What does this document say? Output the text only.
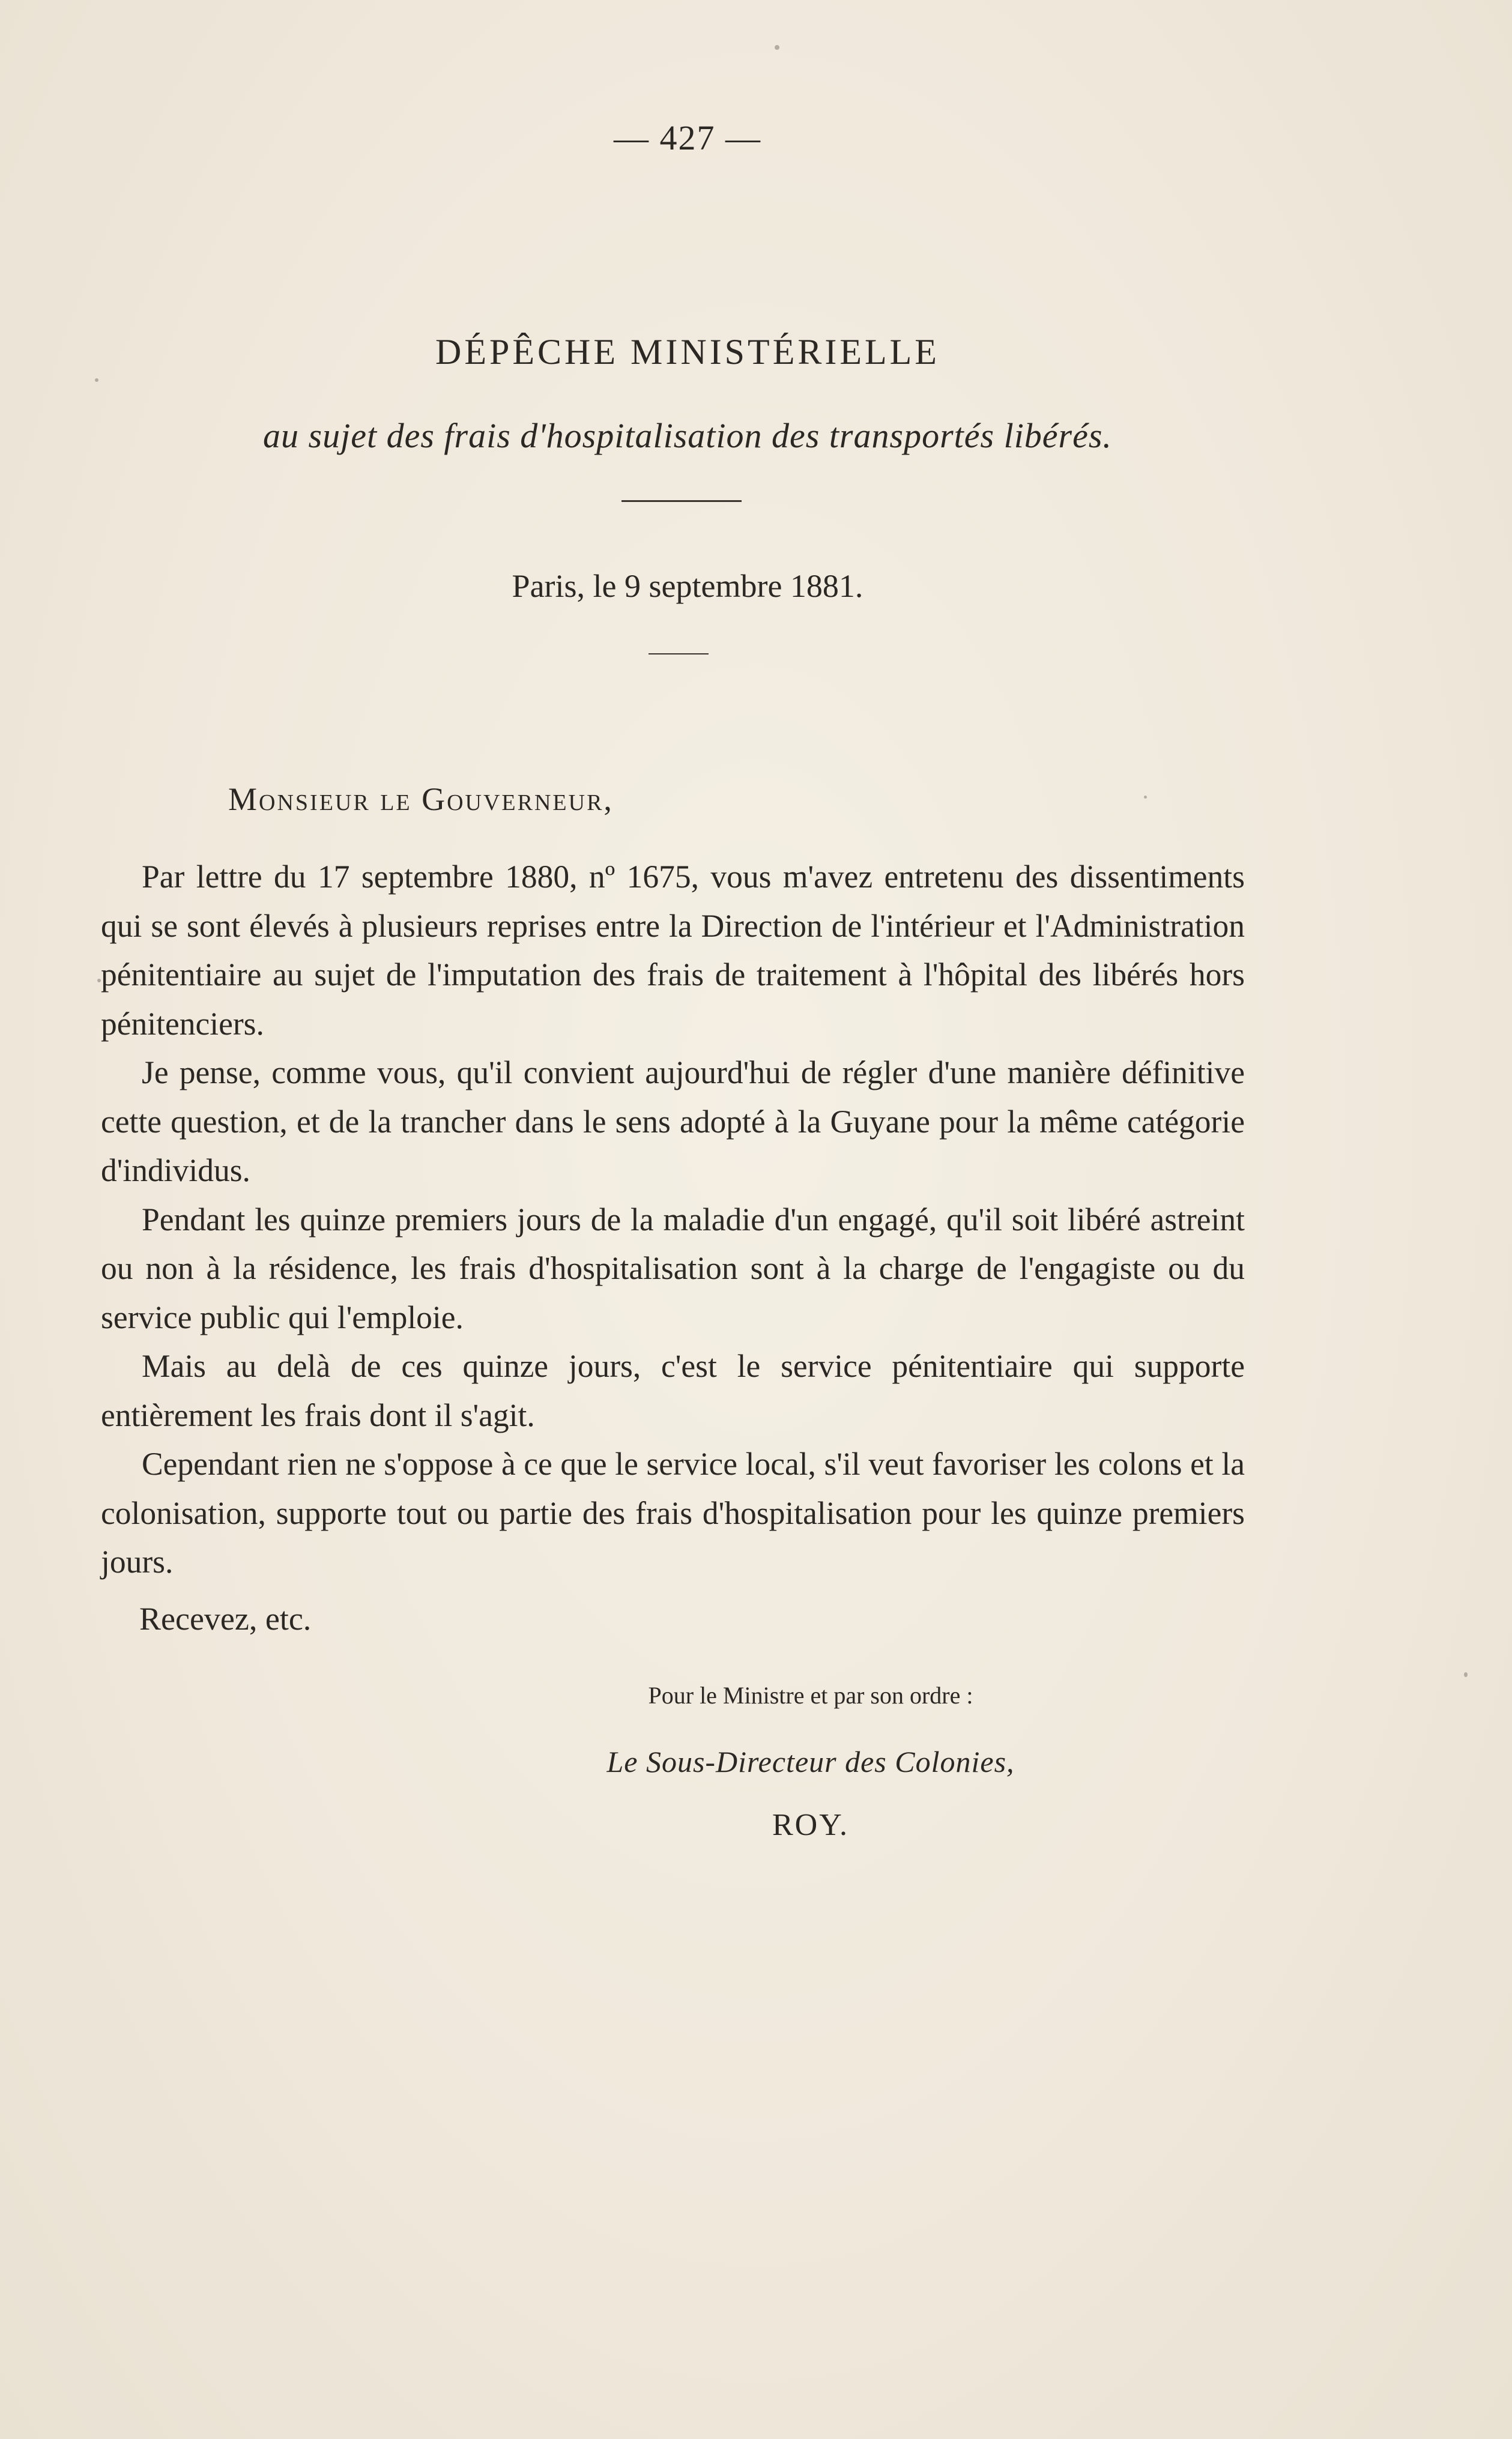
— 427 —
DÉPÊCHE MINISTÉRIELLE
au sujet des frais d'hospitalisation des transportés libérés.
Paris, le 9 septembre 1881.
Monsieur le Gouverneur,

Par lettre du 17 septembre 1880, nº 1675, vous m'avez entretenu des dissentiments qui se sont élevés à plusieurs reprises entre la Direction de l'intérieur et l'Administration pénitentiaire au sujet de l'imputation des frais de traitement à l'hôpital des libérés hors pénitenciers.

Je pense, comme vous, qu'il convient aujourd'hui de régler d'une manière définitive cette question, et de la trancher dans le sens adopté à la Guyane pour la même catégorie d'individus.

Pendant les quinze premiers jours de la maladie d'un engagé, qu'il soit libéré astreint ou non à la résidence, les frais d'hospitalisation sont à la charge de l'engagiste ou du service public qui l'emploie.

Mais au delà de ces quinze jours, c'est le service pénitentiaire qui supporte entièrement les frais dont il s'agit.

Cependant rien ne s'oppose à ce que le service local, s'il veut favoriser les colons et la colonisation, supporte tout ou partie des frais d'hospitalisation pour les quinze premiers jours.

Recevez, etc.
Pour le Ministre et par son ordre :
Le Sous-Directeur des Colonies,
ROY.
